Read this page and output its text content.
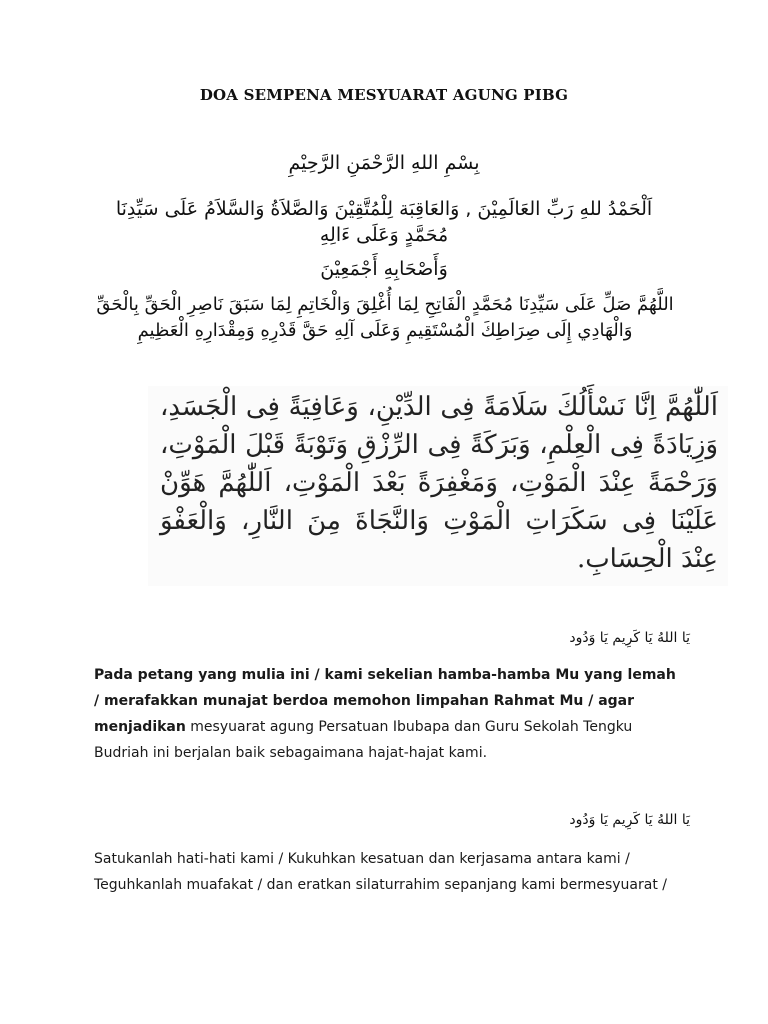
DOA SEMPENA MESYUARAT AGUNG PIBG
بِسْمِ اللهِ الرَّحْمَنِ الرَّحِيْمِ
اَلْحَمْدُ للهِ رَبِّ العَالَمِيْنَ , وَالعَاقِبَة لِلْمُتَّقِيْنَ وَالصَّلاَةُ وَالسَّلاَمُ عَلَى سَيِّدِنَا مُحَمَّدٍ وَعَلَى ءَالِهِ
وَأَصْحَابِهِ أَجْمَعِيْنَ
اللَّهُمَّ صَلِّ عَلَى سَيِّدِنَا مُحَمَّدٍ الْفَاتِحِ لِمَا أُغْلِقَ وَالْخَاتِمِ لِمَا سَبَقَ نَاصِرِ الْحَقِّ بِالْحَقِّ وَالْهَادِي إِلَى صِرَاطِكَ الْمُسْتَقِيمِ وَعَلَى آلِهِ حَقَّ قَدْرِهِ وَمِقْدَارِهِ الْعَظِيمِ
اَللّٰهُمَّ اِنَّا نَسْأَلُكَ سَلَامَةً فِى الدِّيْنِ، وَعَافِيَةً فِى الْجَسَدِ، وَزِيَادَةً فِى الْعِلْمِ، وَبَرَكَةً فِى الرِّزْقِ وَتَوْبَةً قَبْلَ الْمَوْتِ، وَرَحْمَةً عِنْدَ الْمَوْتِ، وَمَغْفِرَةً بَعْدَ الْمَوْتِ، اَللّٰهُمَّ هَوِّنْ عَلَيْنَا فِى سَكَرَاتِ الْمَوْتِ وَالنَّجَاةَ مِنَ النَّارِ، وَالْعَفْوَ عِنْدَ الْحِسَابِ.
يَا اللهُ يَا كَرِيم يَا وَدُود
Pada petang yang mulia ini / kami sekelian hamba-hamba Mu yang lemah / merafakkan munajat berdoa memohon limpahan Rahmat Mu / agar menjadikan mesyuarat agung Persatuan Ibubapa dan Guru Sekolah Tengku Budriah ini berjalan baik sebagaimana hajat-hajat kami.
يَا اللهُ يَا كَرِيم يَا وَدُود
Satukanlah hati-hati kami / Kukuhkan kesatuan dan kerjasama antara kami / Teguhkanlah muafakat / dan eratkan silaturrahim sepanjang kami bermesyuarat /
